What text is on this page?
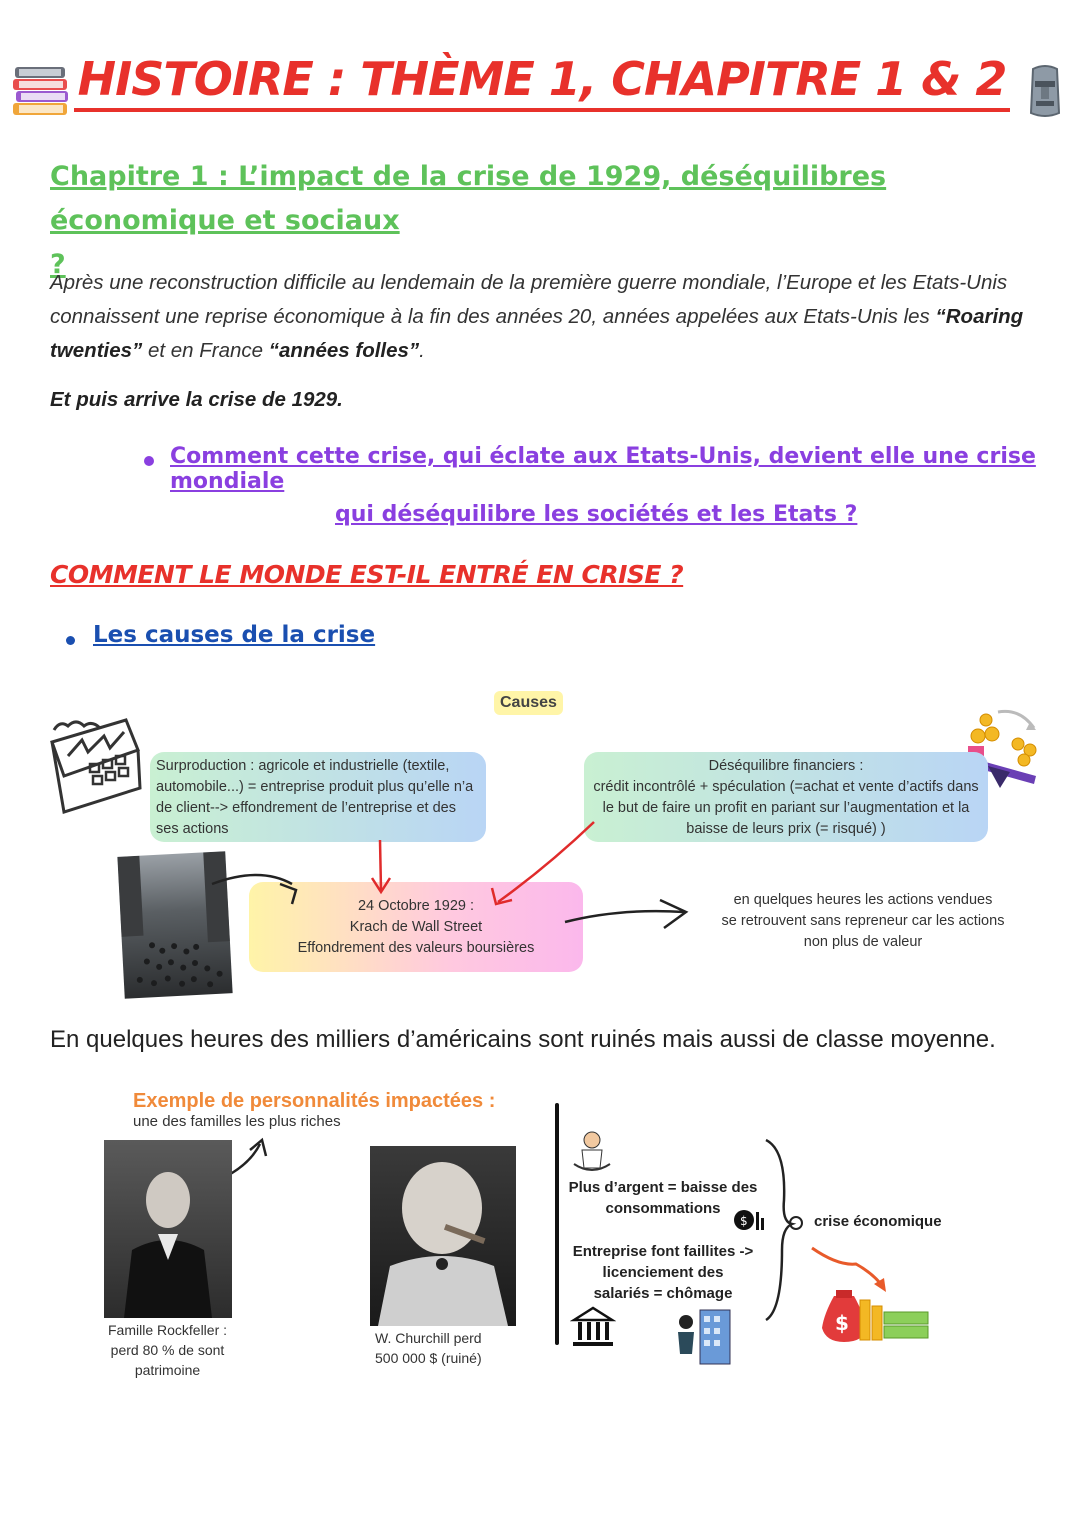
HISTOIRE : THÈME 1, CHAPITRE 1 & 2
Chapitre 1 : L’impact de la crise de 1929, déséquilibres économique et sociaux
?
Après une reconstruction difficile au lendemain de la première guerre mondiale, l’Europe et les Etats-Unis connaissent une reprise économique à la fin des années 20, années appelées aux Etats-Unis les “Roaring twenties” et en France “années folles”.
Et puis arrive la crise de 1929.
Comment cette crise, qui éclate aux Etats-Unis, devient elle une crise mondiale
qui déséquilibre les sociétés et les Etats ?
COMMENT LE MONDE EST-IL ENTRÉ EN CRISE ?
Les causes de la crise
Causes
Surproduction : agricole et industrielle (textile, automobile...) = entreprise produit plus qu’elle n’a de client--> effondrement de l’entreprise et des ses actions
Déséquilibre financiers :
crédit incontrôlé + spéculation (=achat et vente d’actifs dans le but de faire un profit en pariant sur l’augmentation et la baisse de leurs prix (= risqué) )
24 Octobre 1929 :
Krach de Wall Street
Effondrement des valeurs boursières
en quelques heures les actions vendues
se retrouvent sans repreneur car les actions
non plus de valeur
En quelques heures des milliers d’américains sont ruinés mais aussi de classe moyenne.
Exemple de personnalités impactées :
une des familles les plus riches
Famille Rockfeller :
perd 80 % de sont
patrimoine
W. Churchill perd
500 000 $ (ruiné)
Plus d’argent = baisse des
consommations
$
Entreprise font faillites ->
licenciement des
salariés = chômage
crise économique
$
